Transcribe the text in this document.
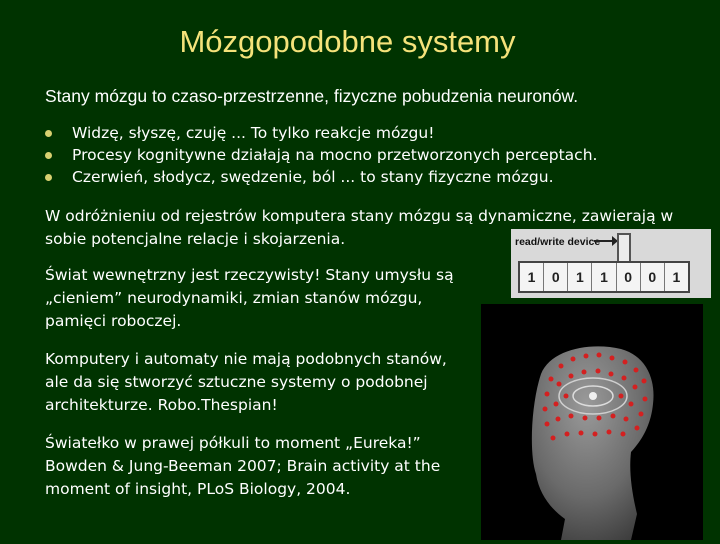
Mózgopodobne systemy
Stany mózgu to czaso-przestrzenne, fizyczne pobudzenia neuronów.
Widzę, słyszę, czuję ... To tylko reakcje mózgu!
Procesy kognitywne działają na mocno przetworzonych perceptach.
Czerwień, słodycz, swędzenie, ból ... to stany fizyczne mózgu.

W odróżnieniu od rejestrów komputera stany mózgu są dynamiczne, zawierają w sobie potencjalne relacje i skojarzenia.

Świat wewnętrzny jest rzeczywisty! Stany umysłu są „cieniem” neurodynamiki, zmian stanów mózgu, pamięci roboczej.

Komputery i automaty nie mają podobnych stanów, ale da się stworzyć sztuczne systemy o podobnej architekturze. Robo.Thespian!

Światełko w prawej półkuli to moment „Eureka!” Bowden & Jung-Beeman 2007; Brain activity at the moment of insight, PLoS Biology, 2004.

read/write device
1	0	1	1	0	0	1
